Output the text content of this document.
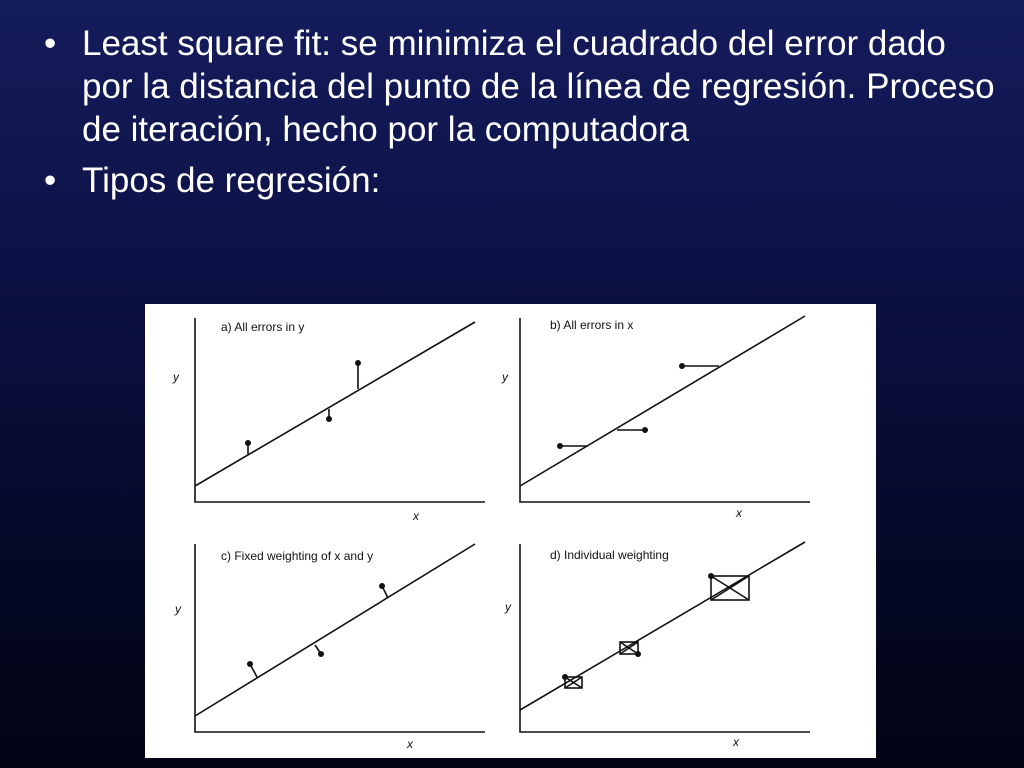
• Least square fit: se minimiza el cuadrado del error dado por la distancia del punto de la línea de regresión. Proceso de iteración, hecho por la computadora
• Tipos de regresión:
a) All errors in y
y
x
b) All errors in x
y
x
c) Fixed weighting of x and y
y
x
d) Individual weighting
y
x
